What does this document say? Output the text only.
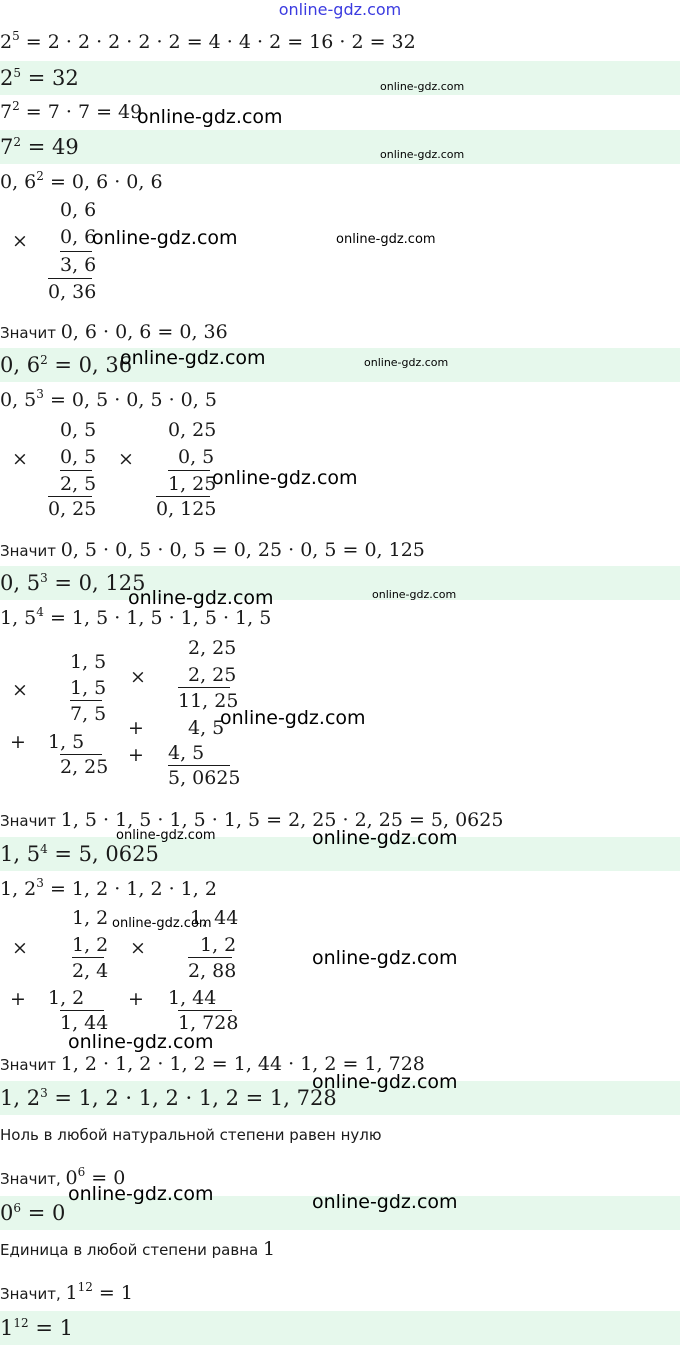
online-gdz.com
$2^5 = 2 \cdot 2 \cdot 2 \cdot 2 \cdot 2 = 4 \cdot 4 \cdot 2 = 16 \cdot 2 = 32$
$2^5 = 32$
$7^2 = 7 \cdot 7 = 49$
$7^2 = 49$
0, $6^2 = 0$, 6 · 0, 6
0, 6
× 0, 6
3, 6
0, 36
Значит 0, 6 · 0, 6 = 0, 36
0, $6^2 = 0$, 36
0, $5^3 = 0$, 5 · 0, 5 · 0, 5
0, 5
× 0, 5
2, 5
0, 25
0, 25
× 0, 5
1, 25
0, 125
Значит 0, 5 · 0, 5 · 0, 5 = 0, 25 · 0, 5 = 0, 125
0, $5^3 = 0$, 125
1, $5^4 = 1$, 5 · 1, 5 · 1, 5 · 1, 5
1, 5
× 1, 5
7, 5
+ 1, 5
2, 25
2, 25
× 2, 25
11, 25
+ 4, 5
+ 4, 5
5, 0625
Значит 1, 5 · 1, 5 · 1, 5 · 1, 5 = 2, 25 · 2, 25 = 5, 0625
1, $5^4 = 5$, 0625
1, $2^3 = 1$, 2 · 1, 2 · 1, 2
1, 2
× 1, 2
2, 4
+ 1, 2
1, 44
1, 44
×	1, 2
2, 88
+ 1, 44
1, 728
Значит 1, 2 · 1, 2 · 1, 2 = 1, 44 · 1, 2 = 1, 728
1, $2^3 = 1$, 2 · 1, 2 · 1, 2 = 1, 728
Ноль в любой натуральной степени равен нулю
Значит, $0^6 = 0$
$0^6 = 0$
Единица в любой степени равна 1
Значит, $1^{12} = 1$
$1^{12} = 1$
online-gdz.com
online-gdz.com
online-gdz.com
online-gdz.com	online-gdz.com
online-gdz.com	online-gdz.com
online-gdz.com
online-gdz.com	online-gdz.com
online-gdz.com
online-gdz.com	online-gdz.com
online-gdz.com
online-gdz.com
online-gdz.com
online-gdz.com
online-gdz.com	online-gdz.com
